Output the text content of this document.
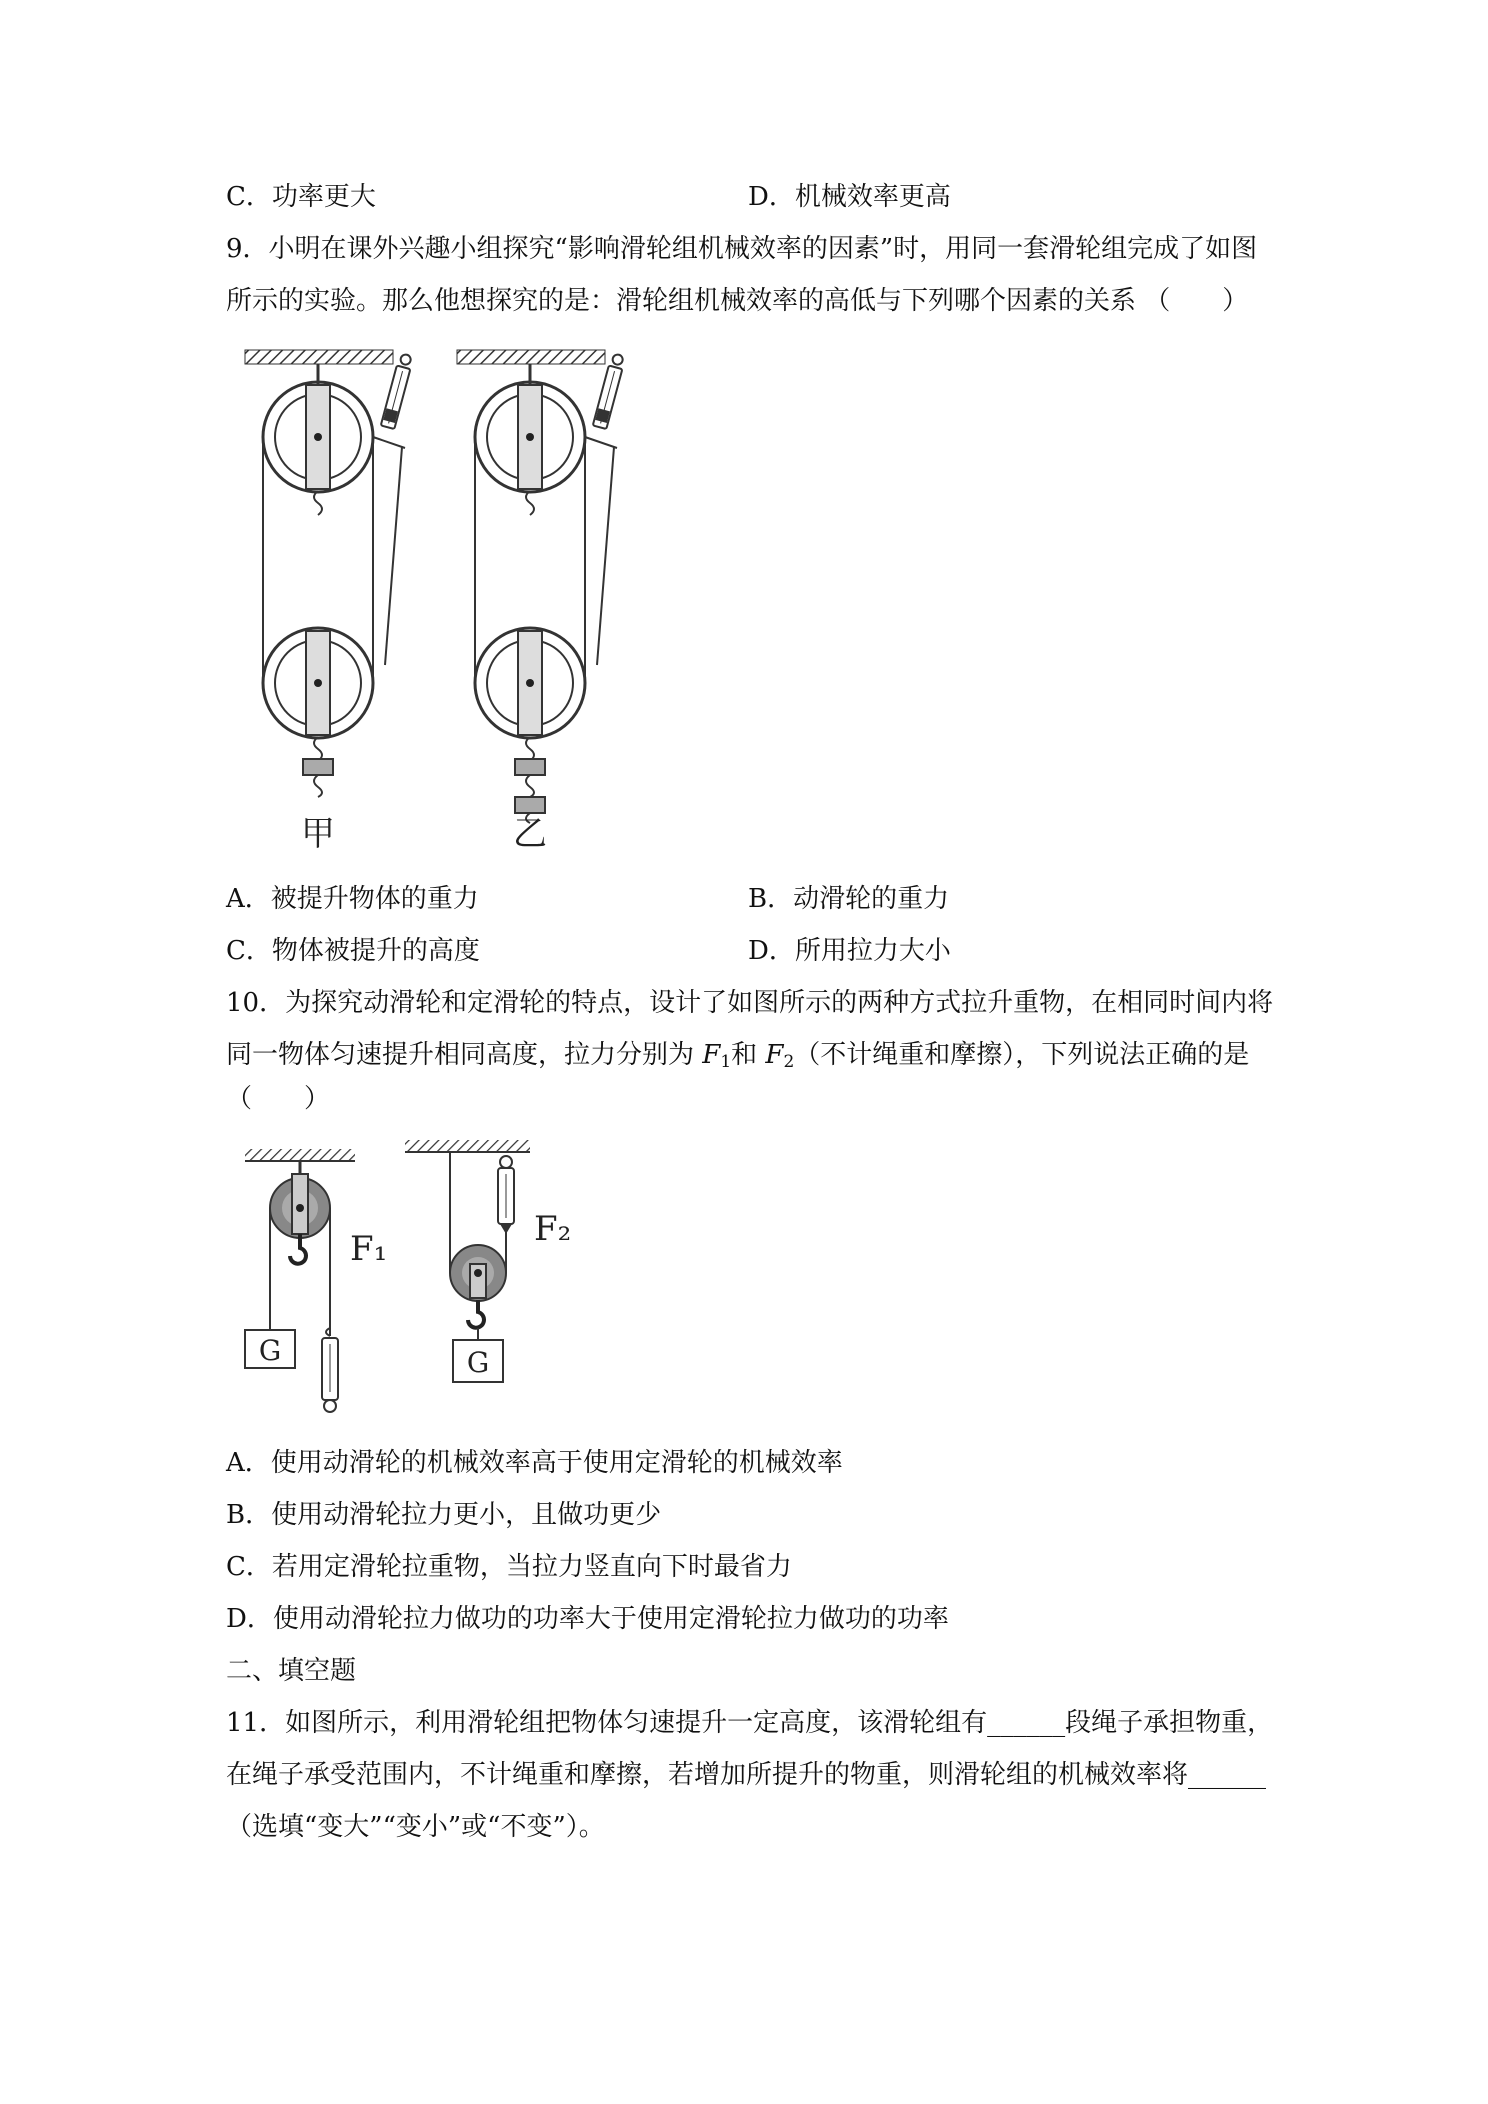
C．功率更大	D．机械效率更高
9．小明在课外兴趣小组探究“影响滑轮组机械效率的因素”时，用同一套滑轮组完成了如图
所示的实验。那么他想探究的是：滑轮组机械效率的高低与下列哪个因素的关系 （　　）
甲	乙
A．被提升物体的重力	B．动滑轮的重力
C．物体被提升的高度	D．所用拉力大小
10．为探究动滑轮和定滑轮的特点，设计了如图所示的两种方式拉升重物，在相同时间内将
同一物体匀速提升相同高度，拉力分别为 $F_1$和 $F_2$（不计绳重和摩擦），下列说法正确的是
（　　）
G
F₁
G
F₂
A．使用动滑轮的机械效率高于使用定滑轮的机械效率
B．使用动滑轮拉力更小，且做功更少
C．若用定滑轮拉重物，当拉力竖直向下时最省力
D．使用动滑轮拉力做功的功率大于使用定滑轮拉力做功的功率
二、填空题
11．如图所示，利用滑轮组把物体匀速提升一定高度，该滑轮组有______段绳子承担物重，
在绳子承受范围内，不计绳重和摩擦，若增加所提升的物重，则滑轮组的机械效率将______
（选填“变大”“变小”或“不变”）。
